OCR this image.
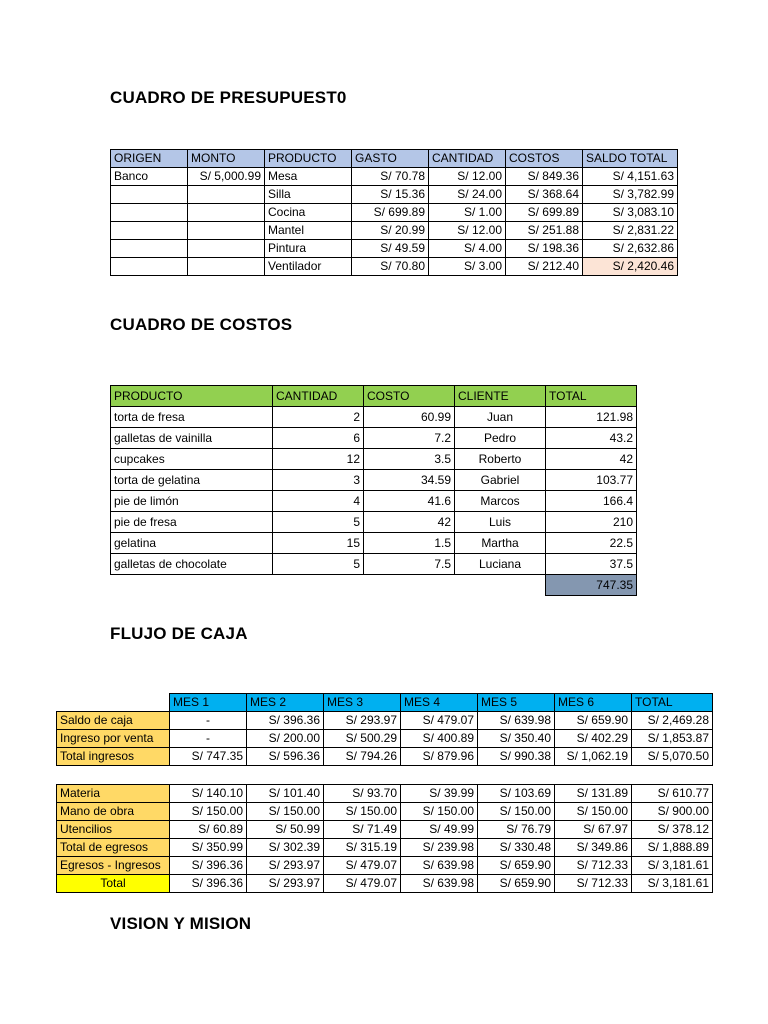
CUADRO DE PRESUPUEST0
ORIGEN	MONTO	PRODUCTO	GASTO	CANTIDAD	COSTOS	SALDO TOTAL
Banco	S/ 5,000.99	Mesa	S/ 70.78	S/ 12.00	S/ 849.36	S/ 4,151.63
		Silla	S/ 15.36	S/ 24.00	S/ 368.64	S/ 3,782.99
		Cocina	S/ 699.89	S/ 1.00	S/ 699.89	S/ 3,083.10
		Mantel	S/ 20.99	S/ 12.00	S/ 251.88	S/ 2,831.22
		Pintura	S/ 49.59	S/ 4.00	S/ 198.36	S/ 2,632.86
		Ventilador	S/ 70.80	S/ 3.00	S/ 212.40	S/ 2,420.46
CUADRO DE COSTOS
PRODUCTO	CANTIDAD	COSTO	CLIENTE	TOTAL
torta de fresa	2	60.99	Juan	121.98
galletas de vainilla	6	7.2	Pedro	43.2
cupcakes	12	3.5	Roberto	42
torta de gelatina	3	34.59	Gabriel	103.77
pie de limón	4	41.6	Marcos	166.4
pie de fresa	5	42	Luis	210
gelatina	15	1.5	Martha	22.5
galletas de chocolate	5	7.5	Luciana	37.5
				747.35
FLUJO DE CAJA
	MES 1	MES 2	MES 3	MES 4	MES 5	MES 6	TOTAL
Saldo de caja	-	S/ 396.36	S/ 293.97	S/ 479.07	S/ 639.98	S/ 659.90	S/ 2,469.28
Ingreso por venta	-	S/ 200.00	S/ 500.29	S/ 400.89	S/ 350.40	S/ 402.29	S/ 1,853.87
Total ingresos	S/ 747.35	S/ 596.36	S/ 794.26	S/ 879.96	S/ 990.38	S/ 1,062.19	S/ 5,070.50
Materia	S/ 140.10	S/ 101.40	S/ 93.70	S/ 39.99	S/ 103.69	S/ 131.89	S/ 610.77
Mano de obra	S/ 150.00	S/ 150.00	S/ 150.00	S/ 150.00	S/ 150.00	S/ 150.00	S/ 900.00
Utencilios	S/ 60.89	S/ 50.99	S/ 71.49	S/ 49.99	S/ 76.79	S/ 67.97	S/ 378.12
Total de egresos	S/ 350.99	S/ 302.39	S/ 315.19	S/ 239.98	S/ 330.48	S/ 349.86	S/ 1,888.89
Egresos - Ingresos	S/ 396.36	S/ 293.97	S/ 479.07	S/ 639.98	S/ 659.90	S/ 712.33	S/ 3,181.61
Total	S/ 396.36	S/ 293.97	S/ 479.07	S/ 639.98	S/ 659.90	S/ 712.33	S/ 3,181.61
VISION Y MISION
